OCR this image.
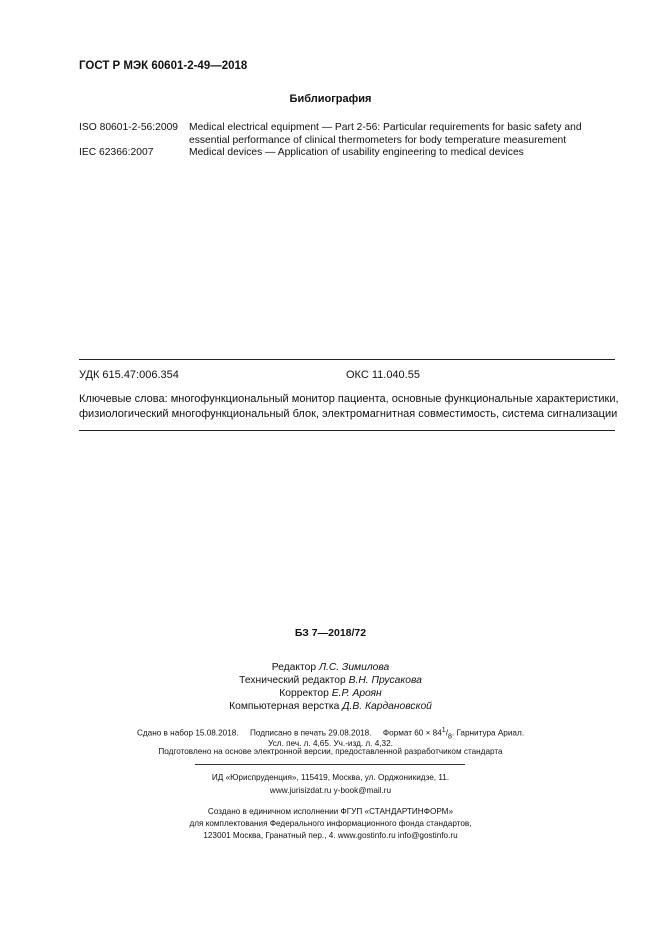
ГОСТ Р МЭК 60601-2-49—2018
Библиография
ISO 80601-2-56:2009	Medical electrical equipment — Part 2-56: Particular requirements for basic safety and essential performance of clinical thermometers for body temperature measurement
IEC 62366:2007	Medical devices — Application of usability engineering to medical devices
УДК 615.47:006.354	ОКС 11.040.55
Ключевые слова: многофункциональный монитор пациента, основные функциональные характеристики, физиологический многофункциональный блок, электромагнитная совместимость, система сигнализации
БЗ 7—2018/72
Редактор Л.С. Зимилова
Технический редактор В.Н. Прусакова
Корректор Е.Р. Ароян
Компьютерная верстка Д.В. Кардановской
Сдано в набор 15.08.2018. Подписано в печать 29.08.2018. Формат $60 \times 84^1/_8$. Гарнитура Ариал.
Усл. печ. л. 4,65. Уч.-изд. л. 4,32.
Подготовлено на основе электронной версии, предоставленной разработчиком стандарта
ИД «Юриспруденция», 115419, Москва, ул. Орджоникидзе, 11.
www.jurisizdat.ru y-book@mail.ru
Создано в единичном исполнении ФГУП «СТАНДАРТИНФОРМ»
для комплектования Федерального информационного фонда стандартов,
123001 Москва, Гранатный пер., 4. www.gostinfo.ru info@gostinfo.ru
